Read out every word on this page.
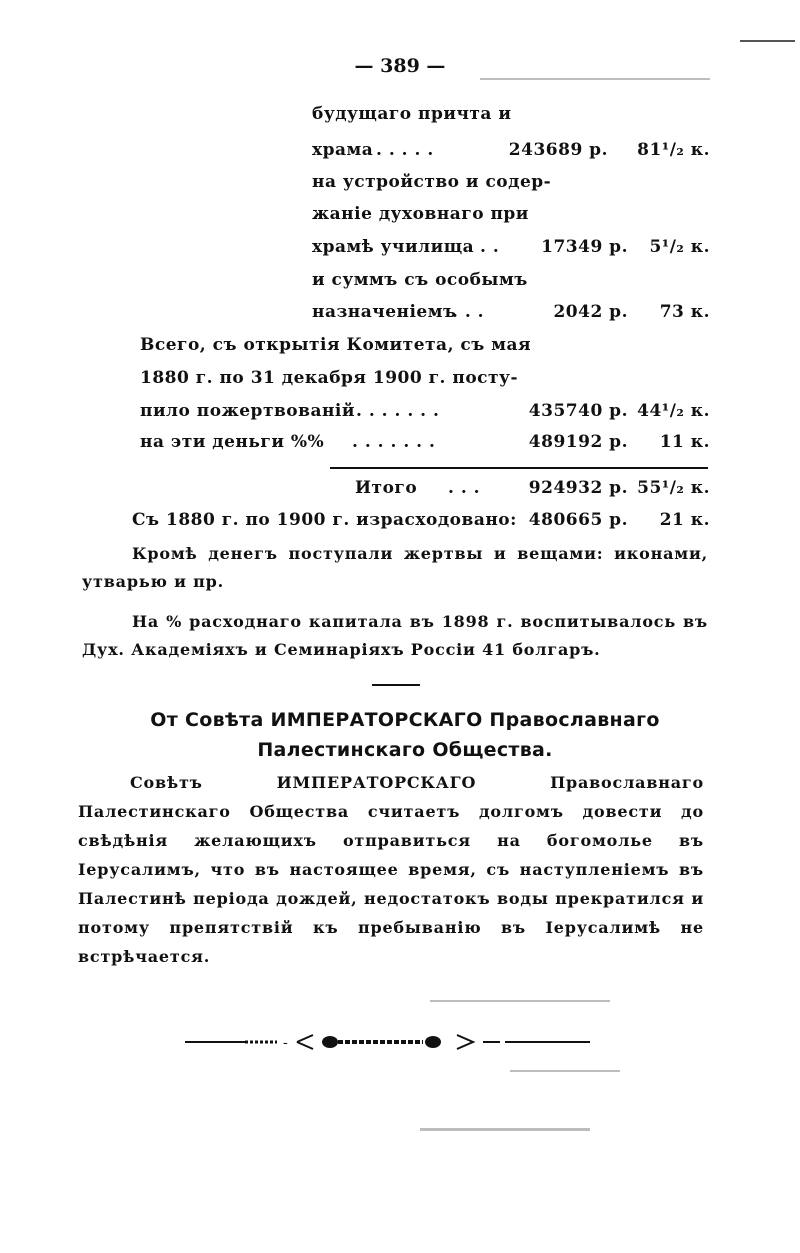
— 389 —
будущаго причта и
храма . . . . .	243689 р.	81¹/₂ к.
на устройство и содер-
жаніе духовнаго при
храмѣ училища . .	17349 р.	5¹/₂ к.
и суммъ съ особымъ
назначеніемъ
. . .	2042 р.	73 к.
Всего, съ открытія Комитета, съ мая
1880 г. по 31 декабря 1900 г. посту-
пило пожертвованій . . . . . . .	435740 р. 44¹/₂ к.
на эти деньги %% . . . . . . .	489192 р.	11 к.
Итого . . .	924932 р. 55¹/₂ к.
Съ 1880 г. по 1900 г. израсходовано: 480665 р.	21 к.
Кромѣ денегъ поступали жертвы и вещами: иконами, утварью и пр.
На % расходнаго капитала въ 1898 г. воспитывалось въ Дух. Академіяхъ и Семинаріяхъ Россіи 41 болгаръ.
От Совѣта ИМПЕРАТОРСКАГО Православнаго Палестинскаго Общества.
Совѣтъ ИМПЕРАТОРСКАГО Православнаго Палестинскаго Общества считаетъ долгомъ довести до свѣдѣнія желающихъ отправиться на богомолье въ Іерусалимъ, что въ настоящее время, съ наступленіемъ въ Палестинѣ періода дождей, недостатокъ воды прекратился и потому препятствій къ пребыванію въ Іерусалимѣ не встрѣчается.
-
